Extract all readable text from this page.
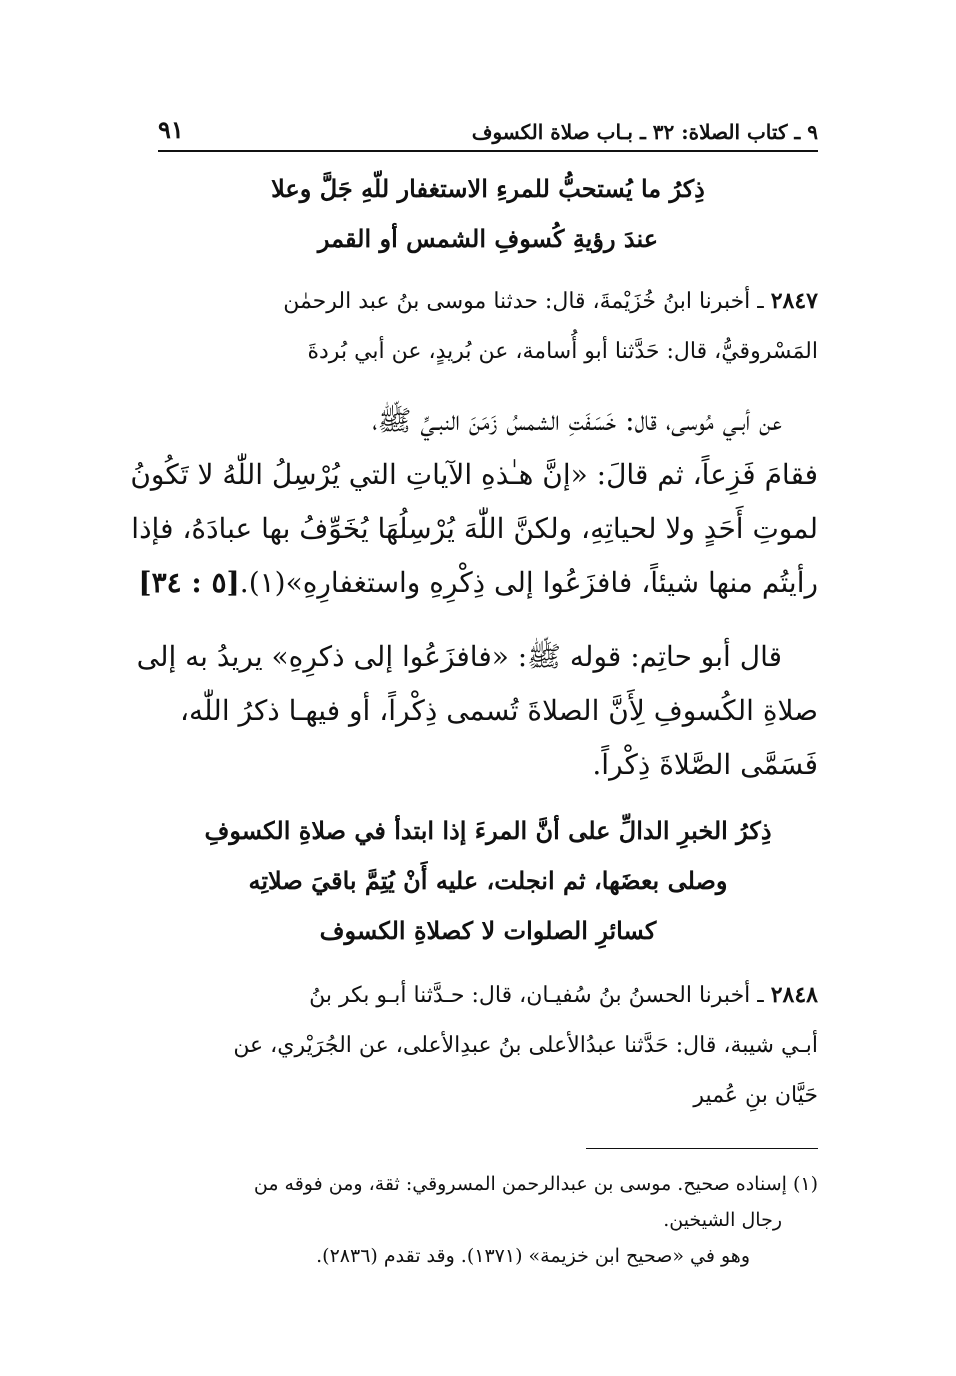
٩ ـ كتاب الصلاة: ٣٢ ـ بـاب صلاة الكسوف
٩١
ذِكرُ ما يُستحبُّ للمرءِ الاستغفار للّهِ جَلَّ وعلا
عندَ رؤيةِ كُسوفِ الشمس أو القمر
٢٨٤٧ ـ أخبرنا ابنُ خُزَيْمةَ، قال: حدثنا موسى بنُ عبد الرحمٰن
المَسْروقيُّ، قال: حَدَّثنا أبو أُسامة، عن بُريدٍ، عن أبي بُردةَ
عن أبـي مُوسى، قال: خَسَفَتِ الشمسُ زَمَنَ النبـيِّ ﷺ،
فقامَ فَزِعاً، ثم قالَ: «إنَّ هـٰذهِ الآياتِ التي يُرْسِلُ اللّٰهُ لا تَكُونُ
لموتِ أَحَدٍ ولا لحياتِهِ، ولكنَّ اللّٰهَ يُرْسِلُهَا يُخَوِّفُ بها عبادَهُ، فإذا
رأيتُم منها شيئاً، فافزَعُوا إلى ذِكْرِهِ واستغفارِهِ»(١).
[٥ : ٣٤]
قال أبو حاتِم: قوله ﷺ: «فافزَعُوا إلى ذكرِهِ» يريدُ به إلى
صلاةِ الكُسوفِ لِأَنَّ الصلاةَ تُسمى ذِكْراً، أو فيهـا ذكرُ اللّٰه،
فَسَمَّى الصَّلاةَ ذِكْراً.
ذِكرُ الخبرِ الدالِّ على أنَّ المرءَ إذا ابتدأ في صلاةِ الكسوفِ
وصلى بعضَها، ثم انجلت، عليه أَنْ يُتِمَّ باقيَ صلاتِه
كسائرِ الصلوات لا كصلاةِ الكسوف
٢٨٤٨ ـ أخبرنا الحسنُ بنُ سُفيـان، قال: حـدَّثنا أبـو بكر بنُ
أبـي شيبة، قال: حَدَّثنا عبدُالأعلى بنُ عبدِالأعلى، عن الجُرَيْري، عن
حَيَّان بنِ عُمير
(١) إسناده صحيح. موسى بن عبدالرحمن المسروقي: ثقة، ومن فوقه من
رجال الشيخين.
وهو في «صحيح ابن خزيمة» (١٣٧١). وقد تقدم (٢٨٣٦).
